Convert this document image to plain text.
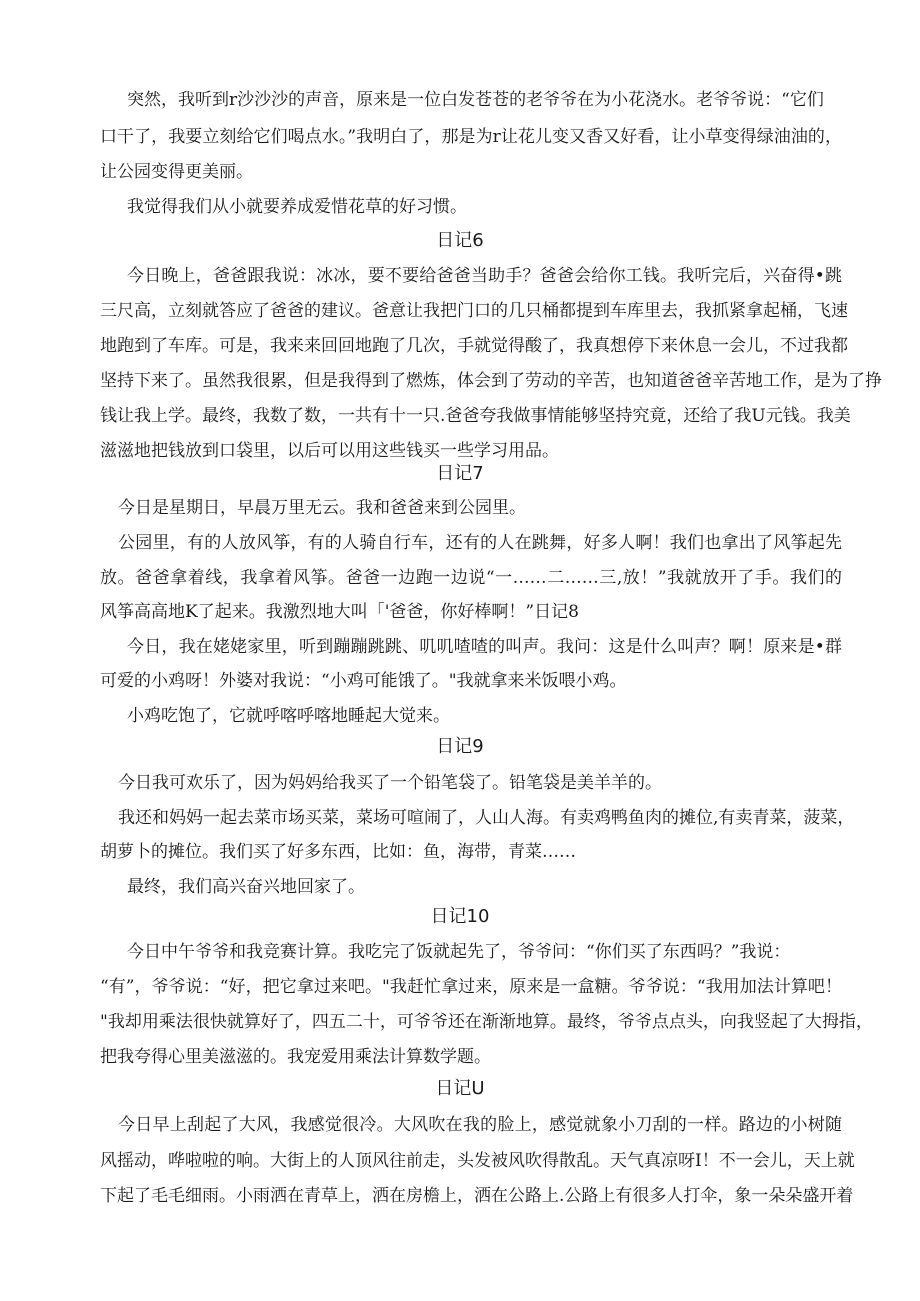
突然，我听到r沙沙沙的声音，原来是一位白发苍苍的老爷爷在为小花浇水。老爷爷说：“它们
口干了，我要立刻给它们喝点水。”我明白了，那是为r让花儿变又香又好看，让小草变得绿油油的，
让公园变得更美丽。
我觉得我们从小就要养成爱惜花草的好习惯。
日记6
今日晚上，爸爸跟我说：冰冰，要不要给爸爸当助手？爸爸会给你工钱。我听完后，兴奋得•跳
三尺高，立刻就答应了爸爸的建议。爸意让我把门口的几只桶都提到车库里去，我抓紧拿起桶，飞速
地跑到了车库。可是，我来来回回地跑了几次，手就觉得酸了，我真想停下来休息一会儿，不过我都
坚持下来了。虽然我很累，但是我得到了燃炼，体会到了劳动的辛苦，也知道爸爸辛苦地工作，是为了挣
钱让我上学。最终，我数了数，一共有十一只.爸爸夸我做事情能够坚持究竟，还给了我U元钱。我美
滋滋地把钱放到口袋里，以后可以用这些钱买一些学习用品。
日记7
今日是星期日，早晨万里无云。我和爸爸来到公园里。
公园里，有的人放风筝，有的人骑自行车，还有的人在跳舞，好多人啊！我们也拿出了风筝起先
放。爸爸拿着线，我拿着风筝。爸爸一边跑一边说“一……二……三,放！”我就放开了手。我们的
风筝高高地K了起来。我激烈地大叫「'爸爸，你好棒啊！”日记8
今日，我在姥姥家里，听到蹦蹦跳跳、叽叽喳喳的叫声。我问：这是什么叫声？啊！原来是•群
可爱的小鸡呀！外婆对我说：“小鸡可能饿了。"我就拿来米饭喂小鸡。
小鸡吃饱了，它就呼喀呼喀地睡起大觉来。
日记9
今日我可欢乐了，因为妈妈给我买了一个铅笔袋了。铅笔袋是美羊羊的。
我还和妈妈一起去菜市场买菜，菜场可喧闹了，人山人海。有卖鸡鸭鱼肉的摊位,有卖青菜，菠菜，
胡萝卜的摊位。我们买了好多东西，比如：鱼，海带，青菜……
最终，我们高兴奋兴地回家了。
日记10
今日中午爷爷和我竞赛计算。我吃完了饭就起先了，爷爷问：“你们买了东西吗？”我说：
“有”，爷爷说：“好，把它拿过来吧。"我赶忙拿过来，原来是一盒糖。爷爷说：“我用加法计算吧！
"我却用乘法很快就算好了，四五二十，可爷爷还在渐渐地算。最终，爷爷点点头，向我竖起了大拇指，
把我夸得心里美滋滋的。我宠爱用乘法计算数学题。
日记U
今日早上刮起了大风，我感觉很冷。大风吹在我的脸上，感觉就象小刀刮的一样。路边的小树随
风摇动，哗啦啦的响。大街上的人顶风往前走，头发被风吹得散乱。天气真凉呀I！不一会儿，天上就
下起了毛毛细雨。小雨洒在青草上，洒在房檐上，洒在公路上.公路上有很多人打伞，象一朵朵盛开着
